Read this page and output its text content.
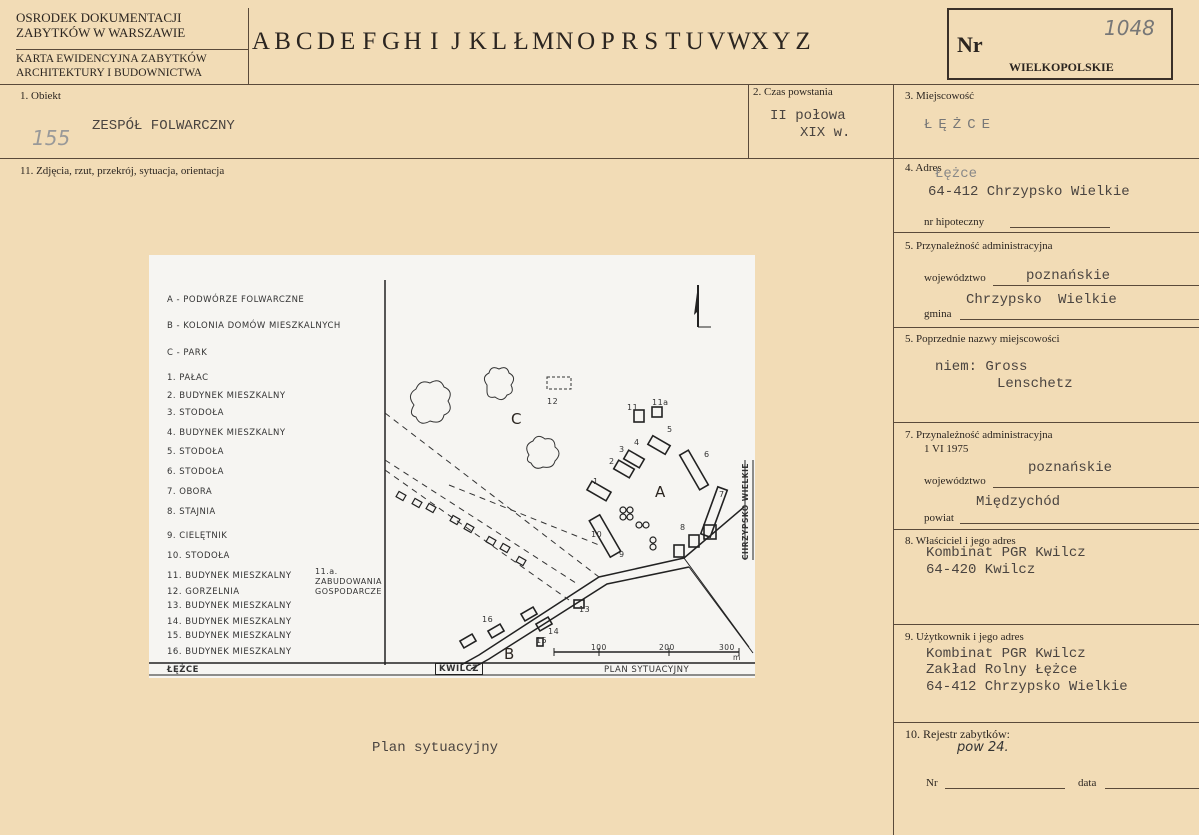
OSRODEK DOKUMENTACJI
ZABYTKÓW W WARSZAWIE
KARTA EWIDENCYJNA ZABYTKÓW
ARCHITEKTURY I BUDOWNICTWA
A B C D E F G H I J K L Ł M N O P R S T U V W X Y Z	Nr
1048
WIELKOPOLSKIE
1. Obiekt
155 ZESPÓŁ FOLWARCZNY
2. Czas powstania
II połowa
XIX w.
3. Miejscowość
ŁĘŻCE
11. Zdjęcia, rzut, przekrój, sytuacja, orientacja
A - PODWÓRZE FOLWARCZNE
B - KOLONIA DOMÓW MIESZKALNYCH
C - PARK
1. PAŁAC
2. BUDYNEK MIESZKALNY
3. STODOŁA
4. BUDYNEK MIESZKALNY
5. STODOŁA
6. STODOŁA
7. OBORA
8. STAJNIA
9. CIELĘTNIK
10. STODOŁA
11. BUDYNEK MIESZKALNY
12. GORZELNIA
13. BUDYNEK MIESZKALNY
14. BUDYNEK MIESZKALNY
15. BUDYNEK MIESZKALNY
16. BUDYNEK MIESZKALNY
11.a.
ZABUDOWANIA
GOSPODARCZE
ŁĘŻCE	KWILCZ	PLAN SYTUACYJNY
CHRZYPSKO WIELKIE
A
B
C
100	200	300
m
1
2
3
4
5
6
7
8
9
10
11
11a
12
13
14
15
16
Plan sytuacyjny
4. Adres
Łężce
64-412 Chrzypsko Wielkie
nr hipoteczny
5. Przynależność administracyjna
województwo	poznańskie
Chrzypsko Wielkie
gmina
5. Poprzednie nazwy miejscowości
niem: Gross
Lenschetz
7. Przynależność administracyjna
1 VI 1975
poznańskie
województwo
Międzychód
powiat
8. Właściciel i jego adres
Kombinat PGR Kwilcz
64-420 Kwilcz
9. Użytkownik i jego adres
Kombinat PGR Kwilcz
Zakład Rolny Łężce
64-412 Chrzypsko Wielkie
10. Rejestr zabytków:
pow 24.
Nr	data
